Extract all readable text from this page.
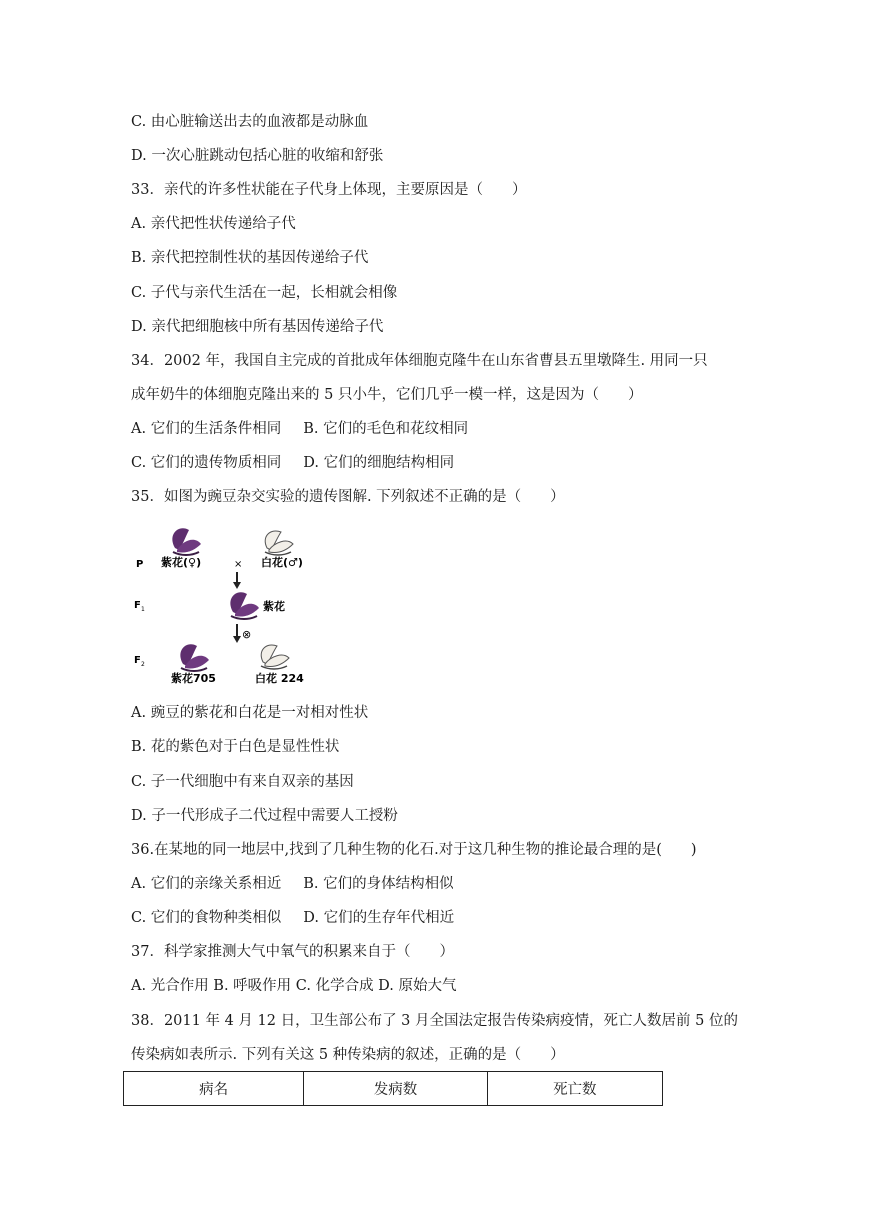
C. 由心脏输送出去的血液都是动脉血
D. 一次心脏跳动包括心脏的收缩和舒张
33．亲代的许多性状能在子代身上体现，主要原因是（　　）
A. 亲代把性状传递给子代
B. 亲代把控制性状的基因传递给子代
C. 子代与亲代生活在一起，长相就会相像
D. 亲代把细胞核中所有基因传递给子代
34．2002 年，我国自主完成的首批成年体细胞克隆牛在山东省曹县五里墩降生. 用同一只
成年奶牛的体细胞克隆出来的 5 只小牛，它们几乎一模一样，这是因为（　　）
A. 它们的生活条件相同 B. 它们的毛色和花纹相同
C. 它们的遗传物质相同 D. 它们的细胞结构相同
35．如图为豌豆杂交实验的遗传图解. 下列叙述不正确的是（　　）
P
F 1
F 2
紫花(♀)	× 白花(♂)
紫花
⊗
紫花705	白花 224
A. 豌豆的紫花和白花是一对相对性状
B. 花的紫色对于白色是显性性状
C. 子一代细胞中有来自双亲的基因
D. 子一代形成子二代过程中需要人工授粉
36.在某地的同一地层中,找到了几种生物的化石.对于这几种生物的推论最合理的是(　　)
A. 它们的亲缘关系相近 B. 它们的身体结构相似
C. 它们的食物种类相似 D. 它们的生存年代相近
37．科学家推测大气中氧气的积累来自于（　　）
A. 光合作用 B. 呼吸作用 C. 化学合成 D. 原始大气
38．2011 年 4 月 12 日，卫生部公布了 3 月全国法定报告传染病疫情，死亡人数居前 5 位的
传染病如表所示. 下列有关这 5 种传染病的叙述，正确的是（　　）
病名	发病数	死亡数
